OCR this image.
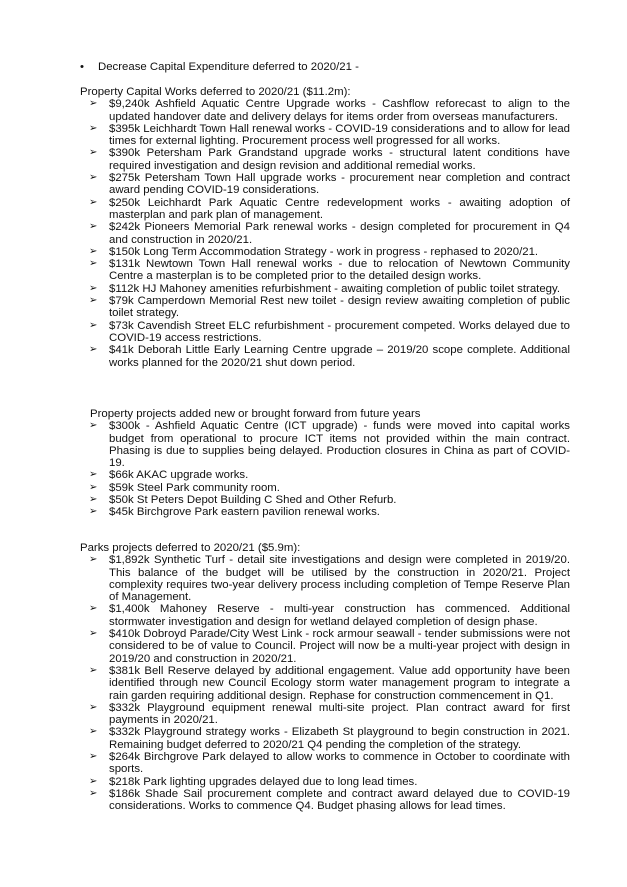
• Decrease Capital Expenditure deferred to 2020/21 -
Property Capital Works deferred to 2020/21 ($11.2m):
➢ $9,240k Ashfield Aquatic Centre Upgrade works - Cashflow reforecast to align to the updated handover date and delivery delays for items order from overseas manufacturers.
➢ $395k Leichhardt Town Hall renewal works - COVID-19 considerations and to allow for lead times for external lighting. Procurement process well progressed for all works.
➢ $390k Petersham Park Grandstand upgrade works - structural latent conditions have required investigation and design revision and additional remedial works.
➢ $275k Petersham Town Hall upgrade works - procurement near completion and contract award pending COVID-19 considerations.
➢ $250k Leichhardt Park Aquatic Centre redevelopment works - awaiting adoption of masterplan and park plan of management.
➢ $242k Pioneers Memorial Park renewal works - design completed for procurement in Q4 and construction in 2020/21.
➢ $150k Long Term Accommodation Strategy - work in progress - rephased to 2020/21.
➢ $131k Newtown Town Hall renewal works - due to relocation of Newtown Community Centre a masterplan is to be completed prior to the detailed design works.
➢ $112k HJ Mahoney amenities refurbishment - awaiting completion of public toilet strategy.
➢ $79k Camperdown Memorial Rest new toilet - design review awaiting completion of public toilet strategy.
➢ $73k Cavendish Street ELC refurbishment - procurement competed. Works delayed due to COVID-19 access restrictions.
➢ $41k Deborah Little Early Learning Centre upgrade – 2019/20 scope complete. Additional works planned for the 2020/21 shut down period.
Property projects added new or brought forward from future years
➢ $300k - Ashfield Aquatic Centre (ICT upgrade) - funds were moved into capital works budget from operational to procure ICT items not provided within the main contract. Phasing is due to supplies being delayed. Production closures in China as part of COVID-19.
➢ $66k AKAC upgrade works.
➢ $59k Steel Park community room.
➢ $50k St Peters Depot Building C Shed and Other Refurb.
➢ $45k Birchgrove Park eastern pavilion renewal works.
Parks projects deferred to 2020/21 ($5.9m):
➢ $1,892k Synthetic Turf - detail site investigations and design were completed in 2019/20. This balance of the budget will be utilised by the construction in 2020/21. Project complexity requires two-year delivery process including completion of Tempe Reserve Plan of Management.
➢ $1,400k Mahoney Reserve - multi-year construction has commenced. Additional stormwater investigation and design for wetland delayed completion of design phase.
➢ $410k Dobroyd Parade/City West Link - rock armour seawall - tender submissions were not considered to be of value to Council. Project will now be a multi-year project with design in 2019/20 and construction in 2020/21.
➢ $381k Bell Reserve delayed by additional engagement. Value add opportunity have been identified through new Council Ecology storm water management program to integrate a rain garden requiring additional design. Rephase for construction commencement in Q1.
➢ $332k Playground equipment renewal multi-site project. Plan contract award for first payments in 2020/21.
➢ $332k Playground strategy works - Elizabeth St playground to begin construction in 2021. Remaining budget deferred to 2020/21 Q4 pending the completion of the strategy.
➢ $264k Birchgrove Park delayed to allow works to commence in October to coordinate with sports.
➢ $218k Park lighting upgrades delayed due to long lead times.
➢ $186k Shade Sail procurement complete and contract award delayed due to COVID-19 considerations. Works to commence Q4. Budget phasing allows for lead times.
